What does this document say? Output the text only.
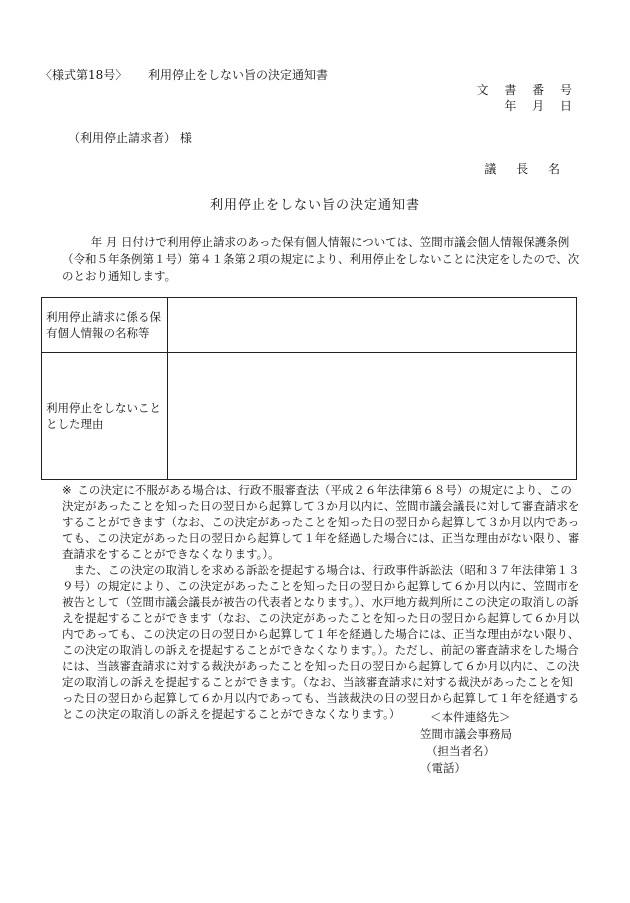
〈様式第18号〉 利用停止をしない旨の決定通知書
文 書 番 号
年 月 日
（利用停止請求者） 様
議 長 名
利用停止をしない旨の決定通知書
年 月 日付けで利用停止請求のあった保有個人情報については、笠間市議会個人情報保護条例（令和５年条例第１号）第４１条第２項の規定により、利用停止をしないことに決定をしたので、次のとおり通知します。
利用停止請求に係る保有個人情報の名称等	
利用停止をしないこととした理由	

※ この決定に不服がある場合は、行政不服審査法（平成２６年法律第６８号）の規定により、この決定があったことを知った日の翌日から起算して３か月以内に、笠間市議会議長に対して審査請求をすることができます（なお、この決定があったことを知った日の翌日から起算して３か月以内であっても、この決定があった日の翌日から起算して１年を経過した場合には、正当な理由がない限り、審査請求をすることができなくなります。）。

また、この決定の取消しを求める訴訟を提起する場合は、行政事件訴訟法（昭和３７年法律第１３９号）の規定により、この決定があったことを知った日の翌日から起算して６か月以内に、笠間市を被告として（笠間市議会議長が被告の代表者となります。）、水戸地方裁判所にこの決定の取消しの訴えを提起することができます（なお、この決定があったことを知った日の翌日から起算して６か月以内であっても、この決定の日の翌日から起算して１年を経過した場合には、正当な理由がない限り、この決定の取消しの訴えを提起することができなくなります。）。ただし、前記の審査請求をした場合には、当該審査請求に対する裁決があったことを知った日の翌日から起算して６か月以内に、この決定の取消しの訴えを提起することができます。（なお、当該審査請求に対する裁決があったことを知った日の翌日から起算して６か月以内であっても、当該裁決の日の翌日から起算して１年を経過するとこの決定の取消しの訴えを提起することができなくなります。）	＜本件連絡先＞
笠間市議会事務局
（担当者名）
（電話）
